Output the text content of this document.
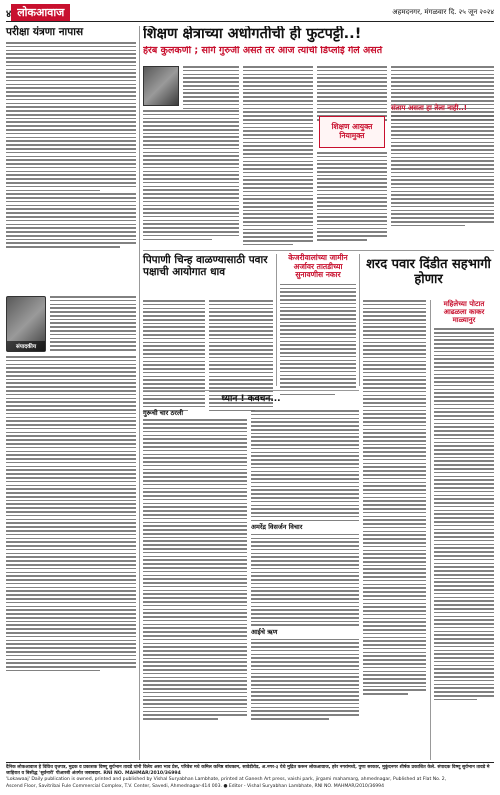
४ लोकआवाज	अहमदनगर, मंगळवार दि. २५ जून २०२४
परीक्षा यंत्रणा नापास
संपादकीय
शिक्षण क्षेत्राच्या अधोगतीची ही फुटपट्टी..!
हेरंब कुलकर्णी ; सांगे गुरुजी असते तर आज त्यांची डिप्लोई गेले असते
शिक्षण आयुक्त नियामुक्त
संताप असता हा तेला नाही..!
पिपाणी चिन्ह वाळण्यासाठी पवार पक्षाची आयोगात धाव
केजरीवालांच्या जामीन अर्जावर तातडीच्या सुनावणीस नकार
शरद पवार दिंडीत सहभागी होणार
महिलेच्या पोटात आढळला काकर माळ्यानुर
ध्यान ! कवचन...
गुरूची चार ठरली
अमरेंद्र विसर्जन विचार
आईचे ऋण
दैनिक लोकआवाज हे विविध वृत्तपत्र, मुद्रक व प्रकाशक विष्णू सुर्यभान तावडे यांनी विलेय असा भाव प्रेस, परिवेश मधे कमिल कनिष्ठ बांधकाम, सावेडीरोड, अ.नगर-३ येथे मुद्रित करून लोकआवाज, हरेर नगरांमध्ये, पुणा सरकार, मुकुंदनगर शीर्षक प्रकाशित केले. संपादक विष्णू सुर्यभान तावडे मे जाहिरात व बिसीद्ध 'सुर्वनारी' पीआरबी अंतर्गत जबाबदार. RNI NO. MAHMAR/2010/36994
'Lokawaaj' Daily publication is owned, printed and published by Vishal Suryabhan Lambhate, printed at Ganesh Art press, vaishi park, jirgami mahamarg, ahmednagar, Published at Flat No. 2,
Ascend Floor, Savitribai Fule Commercial Complex, T.V. Center, Savedi, Ahmednagar-414 003. ● Editor - Vishal Suryabhan Lambhate, RNI NO. MAHMAR/2010/36994
